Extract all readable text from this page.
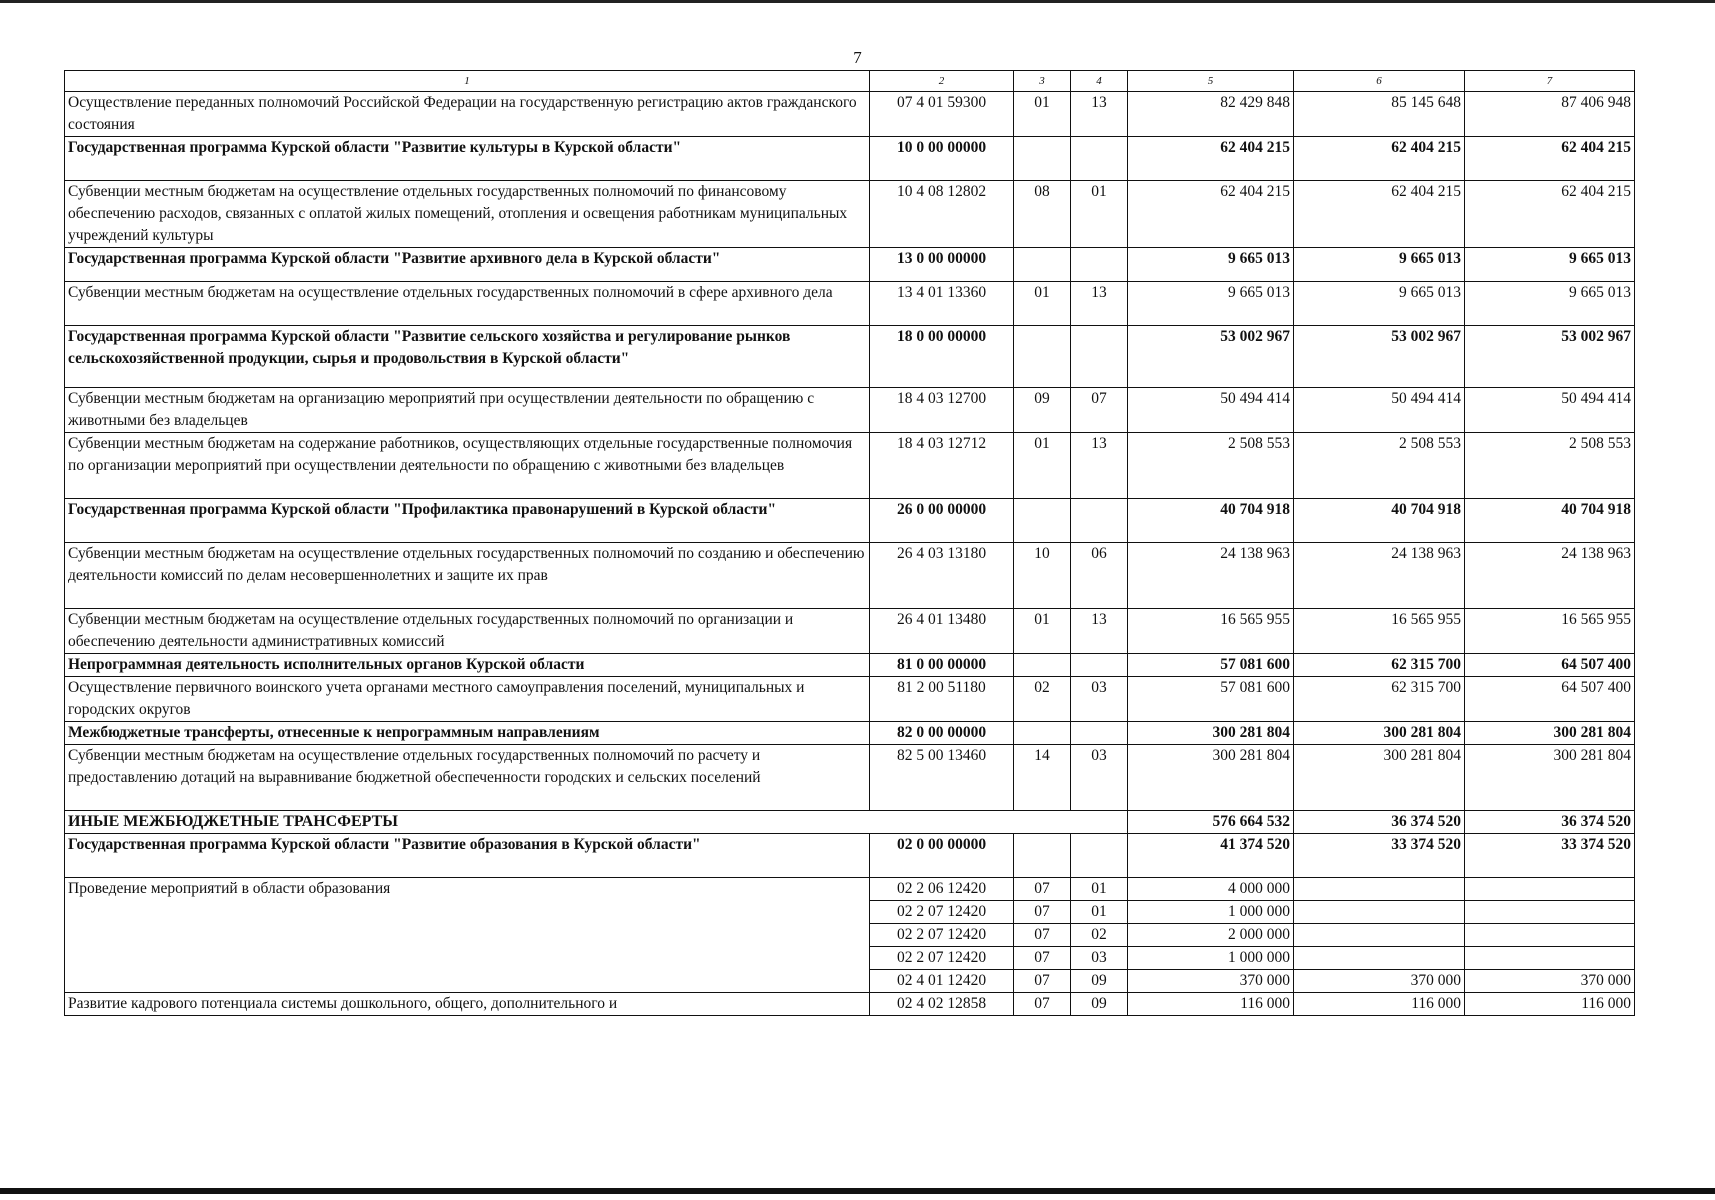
7
1	2	3	4	5	6	7
Осуществление переданных полномочий Российской Федерации на государственную регистрацию актов гражданского состояния	07 4 01 59300	01	13	82 429 848	85 145 648	87 406 948
Государственная программа Курской области "Развитие культуры в Курской области"	10 0 00 00000			62 404 215	62 404 215	62 404 215
Субвенции местным бюджетам на осуществление отдельных государственных полномочий по финансовому обеспечению расходов, связанных с оплатой жилых помещений, отопления и освещения работникам муниципальных учреждений культуры	10 4 08 12802	08	01	62 404 215	62 404 215	62 404 215
Государственная программа Курской области "Развитие архивного дела в Курской области"	13 0 00 00000			9 665 013	9 665 013	9 665 013
Субвенции местным бюджетам на осуществление отдельных государственных полномочий в сфере архивного дела	13 4 01 13360	01	13	9 665 013	9 665 013	9 665 013
Государственная программа Курской области "Развитие сельского хозяйства и регулирование рынков сельскохозяйственной продукции, сырья и продовольствия в Курской области"	18 0 00 00000			53 002 967	53 002 967	53 002 967
Субвенции местным бюджетам на организацию мероприятий при осуществлении деятельности по обращению с животными без владельцев	18 4 03 12700	09	07	50 494 414	50 494 414	50 494 414
Субвенции местным бюджетам на содержание работников, осуществляющих отдельные государственные полномочия по организации мероприятий при осуществлении деятельности по обращению с животными без владельцев	18 4 03 12712	01	13	2 508 553	2 508 553	2 508 553
Государственная программа Курской области "Профилактика правонарушений в Курской области"	26 0 00 00000			40 704 918	40 704 918	40 704 918
Субвенции местным бюджетам на осуществление отдельных государственных полномочий по созданию и обеспечению деятельности комиссий по делам несовершеннолетних и защите их прав	26 4 03 13180	10	06	24 138 963	24 138 963	24 138 963
Субвенции местным бюджетам на осуществление отдельных государственных полномочий по организации и обеспечению деятельности административных комиссий	26 4 01 13480	01	13	16 565 955	16 565 955	16 565 955
Непрограммная деятельность исполнительных органов Курской области	81 0 00 00000			57 081 600	62 315 700	64 507 400
Осуществление первичного воинского учета органами местного самоуправления поселений, муниципальных и городских округов	81 2 00 51180	02	03	57 081 600	62 315 700	64 507 400
Межбюджетные трансферты, отнесенные к непрограммным направлениям	82 0 00 00000			300 281 804	300 281 804	300 281 804
Субвенции местным бюджетам на осуществление отдельных государственных полномочий по расчету и предоставлению дотаций на выравнивание бюджетной обеспеченности городских и сельских поселений	82 5 00 13460	14	03	300 281 804	300 281 804	300 281 804
ИНЫЕ МЕЖБЮДЖЕТНЫЕ ТРАНСФЕРТЫ				576 664 532	36 374 520	36 374 520
Государственная программа Курской области "Развитие образования в Курской области"	02 0 00 00000			41 374 520	33 374 520	33 374 520
Проведение мероприятий в области образования	02 2 06 12420	07	01	4 000 000		
	02 2 07 12420	07	01	1 000 000		
	02 2 07 12420	07	02	2 000 000		
	02 2 07 12420	07	03	1 000 000		
	02 4 01 12420	07	09	370 000	370 000	370 000
Развитие кадрового потенциала системы дошкольного, общего, дополнительного и	02 4 02 12858	07	09	116 000	116 000	116 000
